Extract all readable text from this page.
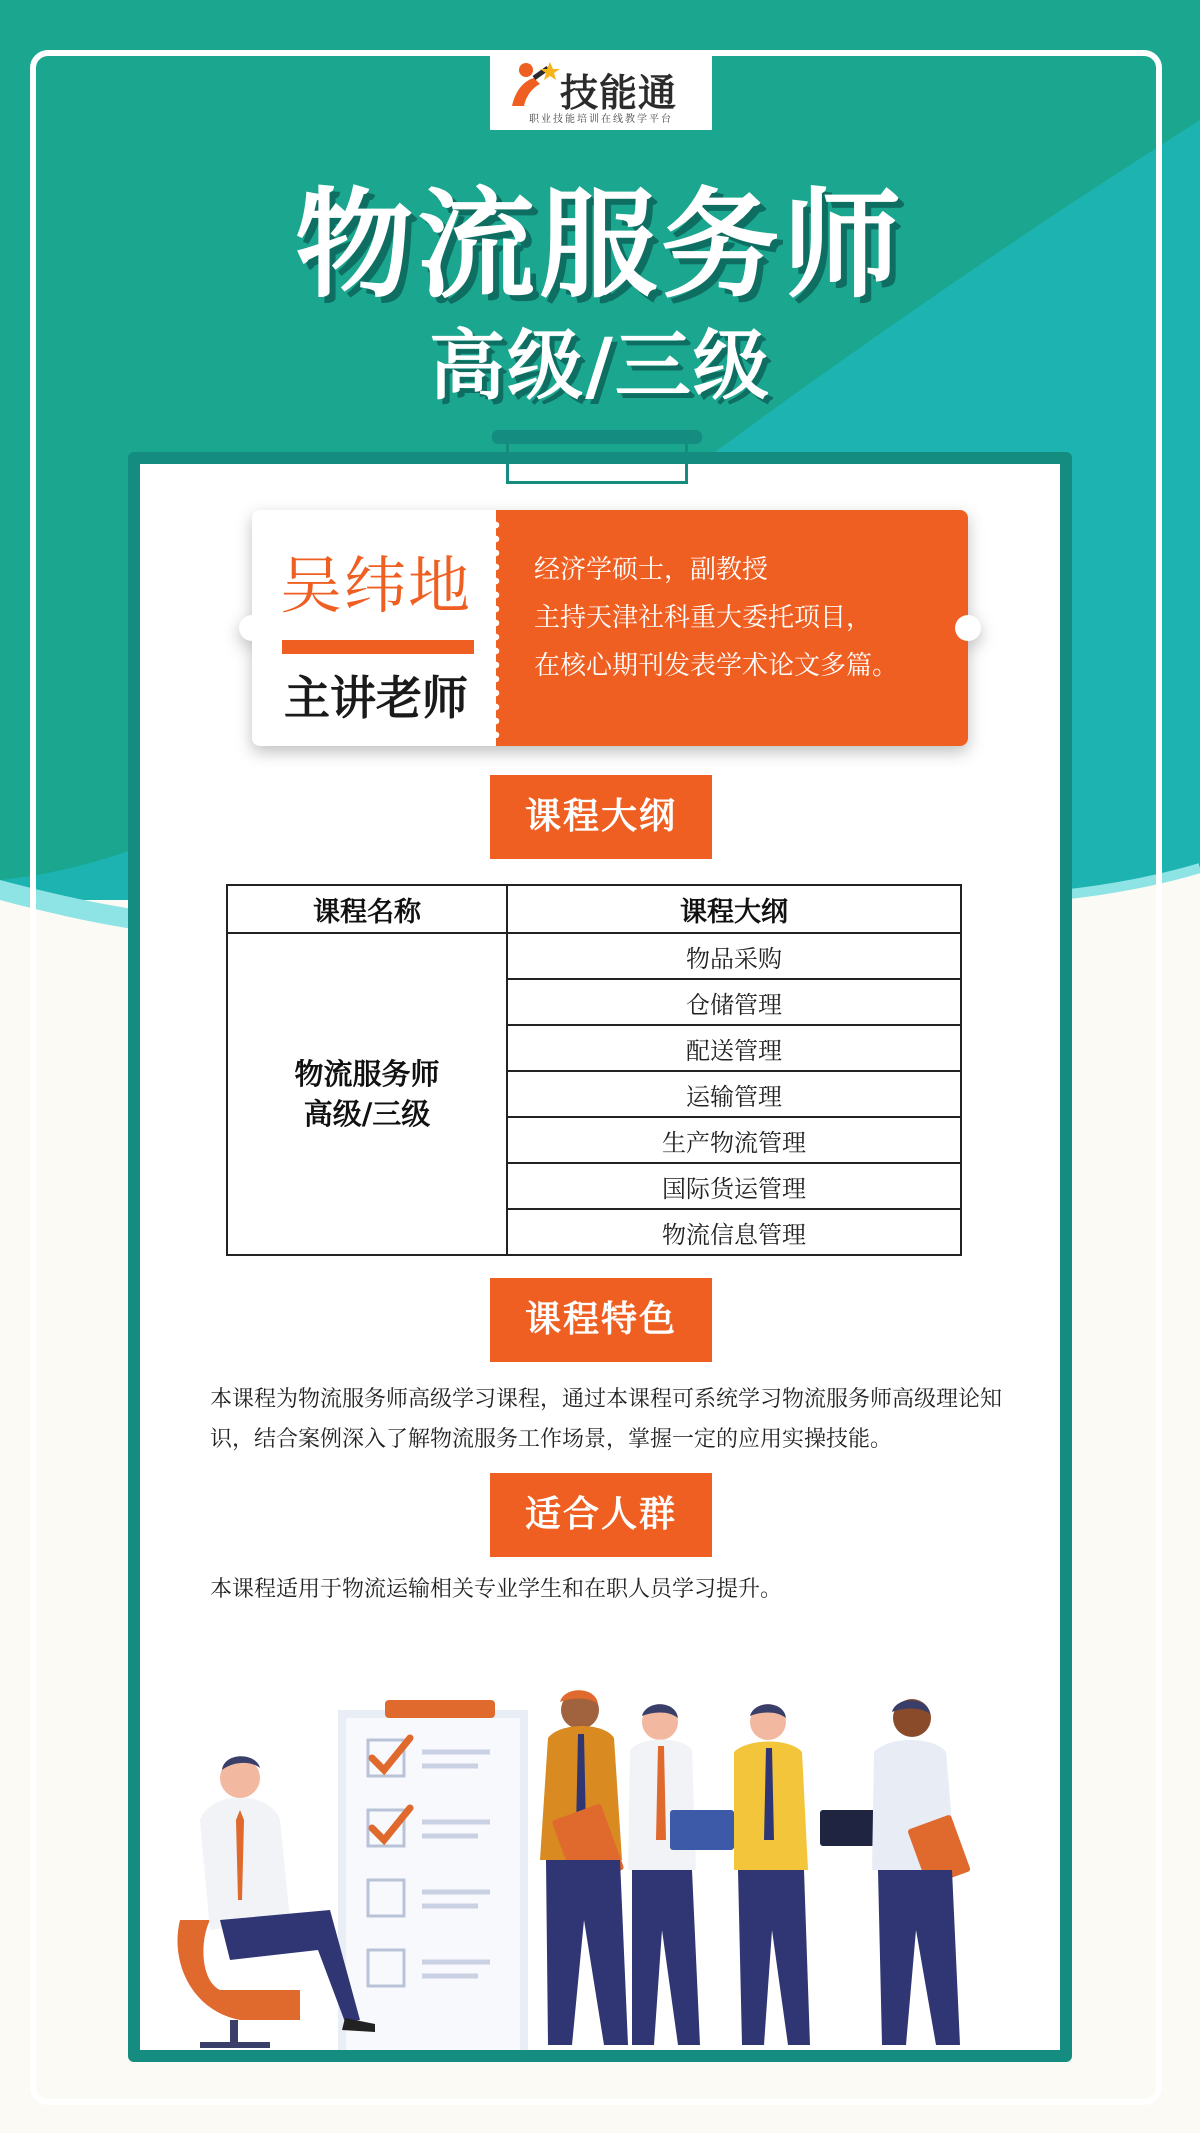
技能通
职业技能培训在线教学平台
物流服务师
高级/三级
吴纬地
主讲老师
经济学硕士，副教授
主持天津社科重大委托项目，
在核心期刊发表学术论文多篇。
课程大纲
课程名称	课程大纲

物流服务师
高级/三级	物品采购
	仓储管理
	配送管理
	运输管理
	生产物流管理
	国际货运管理
	物流信息管理
课程特色
本课程为物流服务师高级学习课程，通过本课程可系统学习物流服务师高级理论知识，结合案例深入了解物流服务工作场景，掌握一定的应用实操技能。
适合人群
本课程适用于物流运输相关专业学生和在职人员学习提升。
